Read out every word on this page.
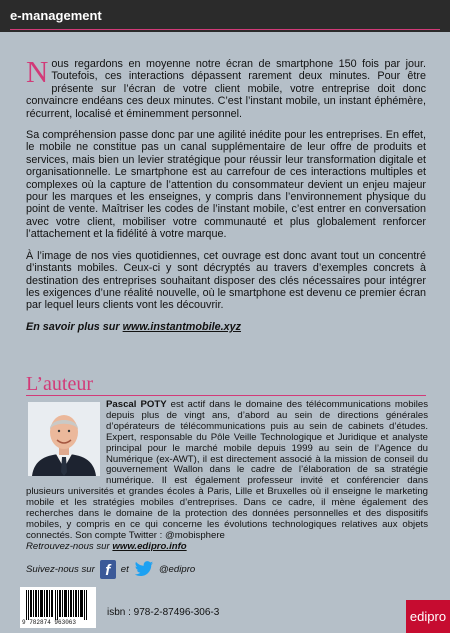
e-management

Nous regardons en moyenne notre écran de smartphone 150 fois par jour. Toutefois, ces interactions dépassent rarement deux minutes. Pour être présente sur l’écran de votre client mobile, votre entreprise doit donc convaincre endéans ces deux minutes. C’est l’instant mobile, un instant éphémère, récurrent, localisé et éminemment personnel.

Sa compréhension passe donc par une agilité inédite pour les entreprises. En effet, le mobile ne constitue pas un canal supplémentaire de leur offre de produits et services, mais bien un levier stratégique pour réussir leur transformation digitale et organisationnelle. Le smartphone est au carrefour de ces interactions multiples et complexes où la capture de l’attention du consommateur devient un enjeu majeur pour les marques et les enseignes, y compris dans l’environnement physique du point de vente. Maîtriser les codes de l’instant mobile, c’est entrer en conversation avec votre client, mobiliser votre communauté et plus globalement renforcer l’attachement et la fidélité à votre marque.

À l’image de nos vies quotidiennes, cet ouvrage est donc avant tout un concentré d’instants mobiles. Ceux-ci y sont décryptés au travers d’exemples concrets à destination des entreprises souhaitant disposer des clés nécessaires pour intégrer les exigences d’une réalité nouvelle, où le smartphone est devenu ce premier écran par lequel leurs clients vont les découvrir.

En savoir plus sur www.instantmobile.xyz

L’auteur
Pascal POTY est actif dans le domaine des télécommunications mobiles depuis plus de vingt ans, d’abord au sein de directions générales d’opérateurs de télécommunications puis au sein de cabinets d’études. Expert, responsable du Pôle Veille Technologique et Juridique et analyste principal pour le marché mobile depuis 1999 au sein de l’Agence du Numérique (ex-AWT), il est directement associé à la mission de conseil du gouvernement Wallon dans le cadre de l’élaboration de sa stratégie numérique. Il est également professeur invité et conférencier dans plusieurs universités et grandes écoles à Paris, Lille et Bruxelles où il enseigne le marketing mobile et les stratégies mobiles d’entreprises. Dans ce cadre, il mène également des recherches dans le domaine de la protection des données personnelles et des dispositifs mobiles, y compris en ce qui concerne les évolutions technologiques relatives aux objets connectés. Son compte Twitter : @mobisphere
Retrouvez-nous sur www.edipro.info
Suivez-nous sur f	et	@edipro
9 782874 963063
isbn : 978-2-87496-306-3	edipro
